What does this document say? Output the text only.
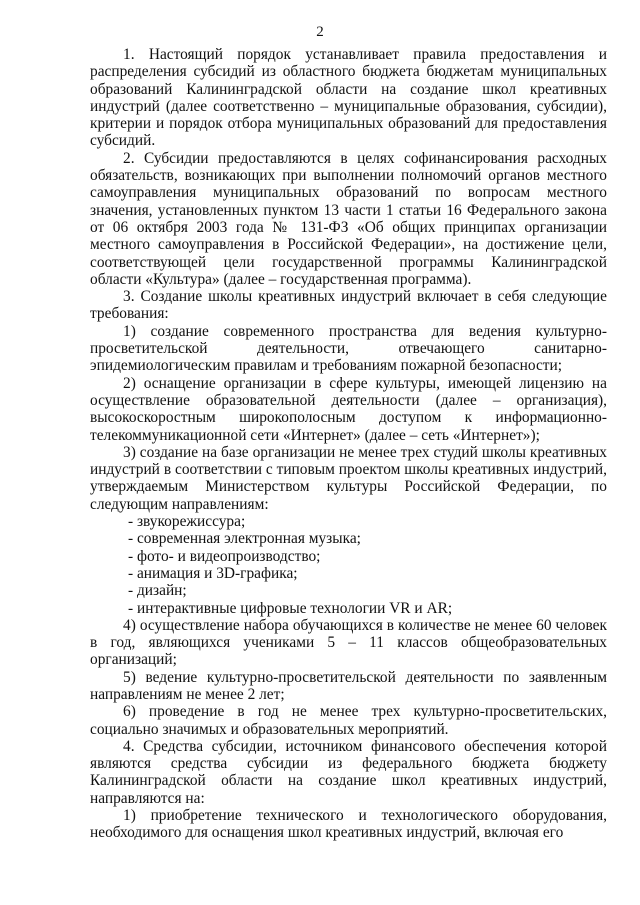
2

1. Настоящий порядок устанавливает правила предоставления и распределения субсидий из областного бюджета бюджетам муниципальных образований Калининградской области на создание школ креативных индустрий (далее соответственно – муниципальные образования, субсидии), критерии и порядок отбора муниципальных образований для предоставления субсидий.

2. Субсидии предоставляются в целях софинансирования расходных обязательств, возникающих при выполнении полномочий органов местного самоуправления муниципальных образований по вопросам местного значения, установленных пунктом 13 части 1 статьи 16 Федерального закона от 06 октября 2003 года № 131-ФЗ «Об общих принципах организации местного самоуправления в Российской Федерации», на достижение цели, соответствующей цели государственной программы Калининградской области «Культура» (далее – государственная программа).

3. Создание школы креативных индустрий включает в себя следующие требования:

1) создание современного пространства для ведения культурно-просветительской деятельности, отвечающего санитарно-эпидемиологическим правилам и требованиям пожарной безопасности;

2) оснащение организации в сфере культуры, имеющей лицензию на осуществление образовательной деятельности (далее – организация), высокоскоростным широкополосным доступом к информационно-телекоммуникационной сети «Интернет» (далее – сеть «Интернет»);

3) создание на базе организации не менее трех студий школы креативных индустрий в соответствии с типовым проектом школы креативных индустрий, утверждаемым Министерством культуры Российской Федерации, по следующим направлениям:

- звукорежиссура;
- современная электронная музыка;
- фото- и видеопроизводство;
- анимация и 3D-графика;
- дизайн;
- интерактивные цифровые технологии VR и AR;

4) осуществление набора обучающихся в количестве не менее 60 человек в год, являющихся учениками 5 – 11 классов общеобразовательных организаций;

5) ведение культурно-просветительской деятельности по заявленным направлениям не менее 2 лет;

6) проведение в год не менее трех культурно-просветительских, социально значимых и образовательных мероприятий.

4. Средства субсидии, источником финансового обеспечения которой являются средства субсидии из федерального бюджета бюджету Калининградской области на создание школ креативных индустрий, направляются на:

1) приобретение технического и технологического оборудования, необходимого для оснащения школ креативных индустрий, включая его
